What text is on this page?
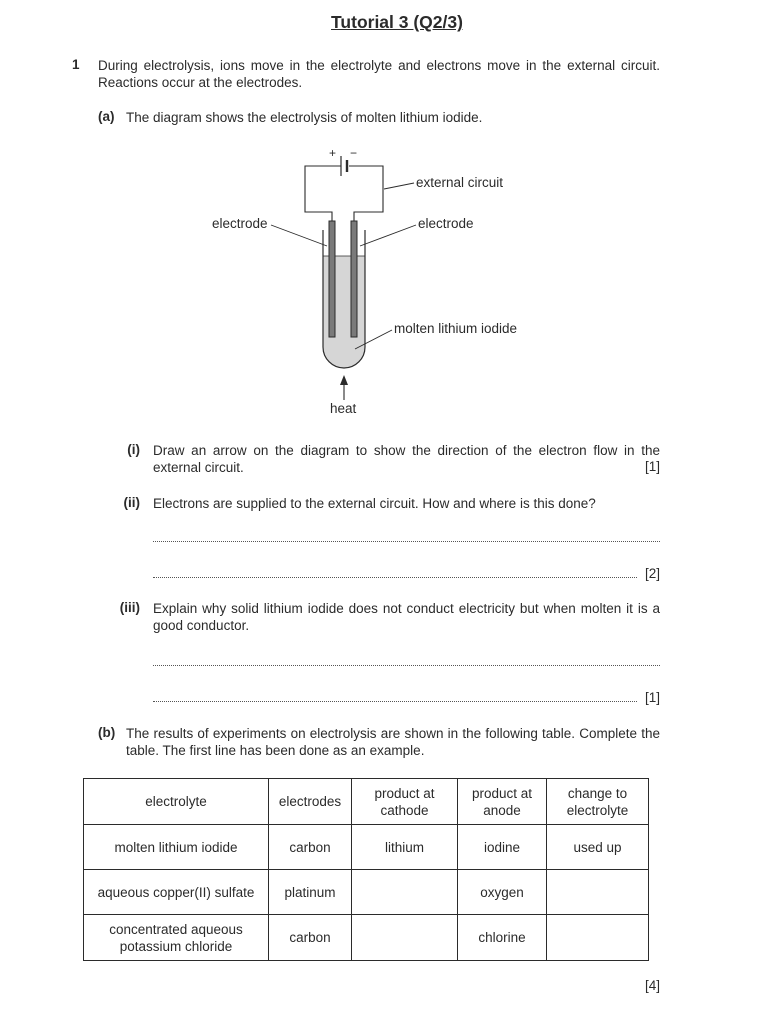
Tutorial 3 (Q2/3)
1 During electrolysis, ions move in the electrolyte and electrons move in the external circuit. Reactions occur at the electrodes.
(a) The diagram shows the electrolysis of molten lithium iodide.
+ −
external circuit
electrode	electrode
molten lithium iodide
heat
(i) Draw an arrow on the diagram to show the direction of the electron flow in the external circuit.	[1]
(ii) Electrons are supplied to the external circuit. How and where is this done?
[2]
(iii) Explain why solid lithium iodide does not conduct electricity but when molten it is a good conductor.
[1]
(b) The results of experiments on electrolysis are shown in the following table. Complete the table. The first line has been done as an example.
electrolyte	electrodes	product at cathode	product at anode	change to electrolyte
molten lithium iodide	carbon	lithium	iodine	used up
aqueous copper(II) sulfate	platinum		oxygen	
concentrated aqueous potassium chloride	carbon		chlorine	
[4]
